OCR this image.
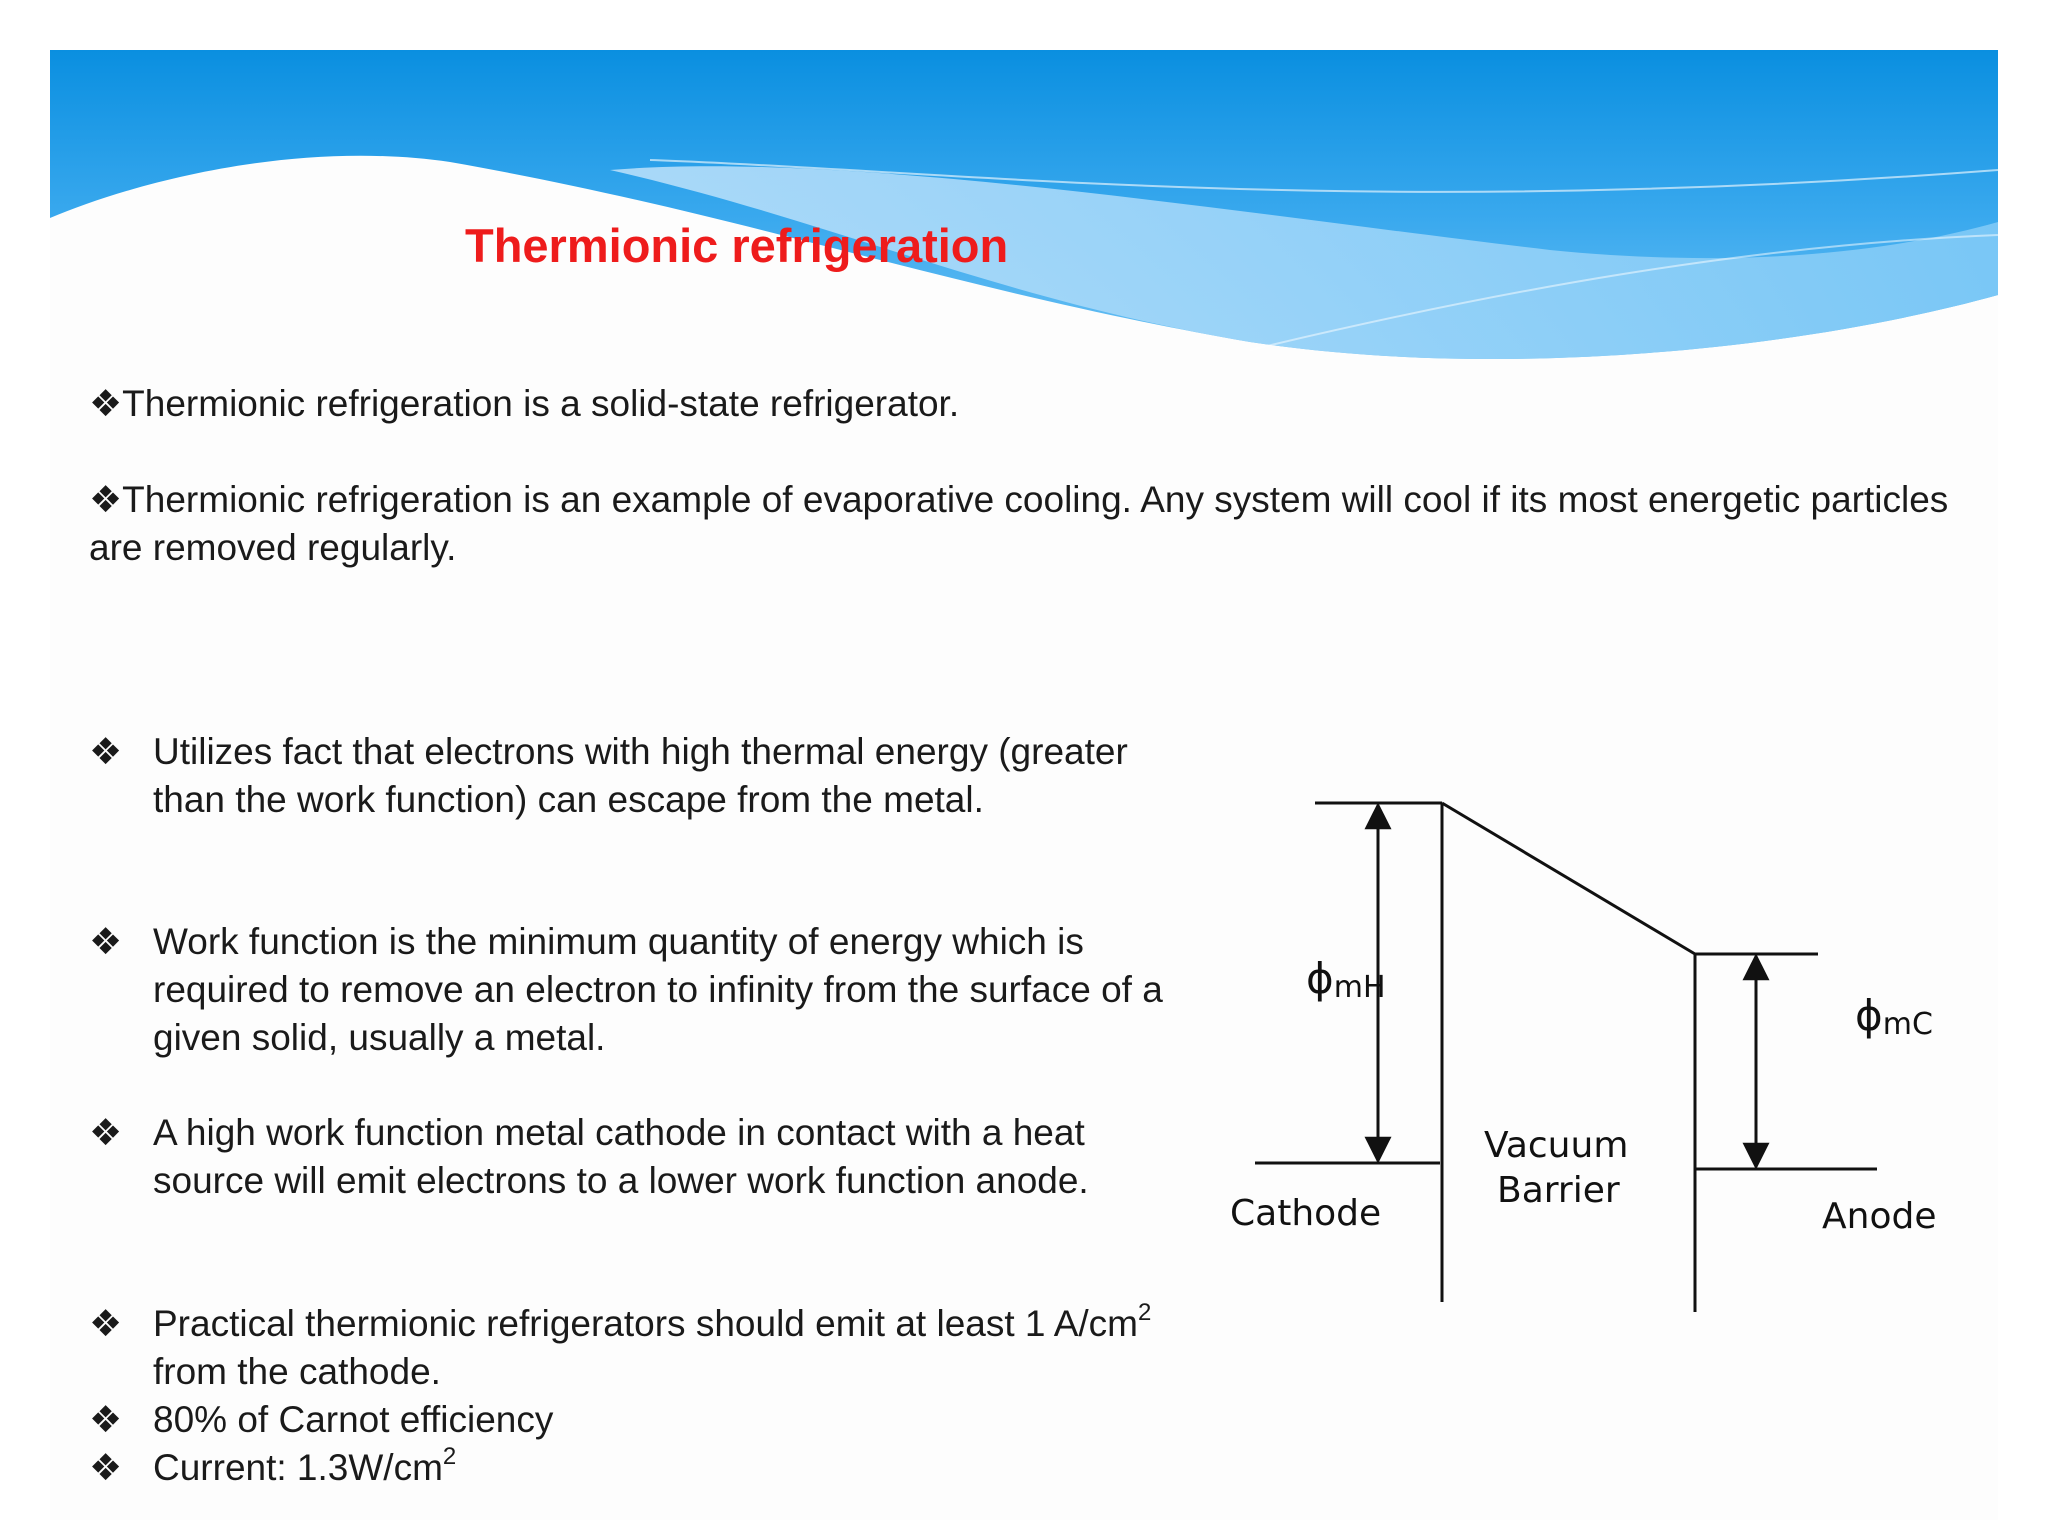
Thermionic refrigeration
❖Thermionic refrigeration is a solid-state refrigerator.
❖Thermionic refrigeration is an example of evaporative cooling. Any system will cool if its most energetic particles are removed regularly.
❖ Utilizes fact that electrons with high thermal energy (greater than the work function) can escape from the metal.
❖ Work function is the minimum quantity of energy which is required to remove an electron to infinity from the surface of a given solid, usually a metal.
❖ A high work function metal cathode in contact with a heat source will emit electrons to a lower work function anode.
❖ Practical thermionic refrigerators should emit at least 1 $A/cm^2$ from the cathode.
❖ 80% of Carnot efficiency
❖ Current: $1.3W/cm^2$
ϕmH
ϕmC
Cathode	Anode
Vacuum
Barrier
